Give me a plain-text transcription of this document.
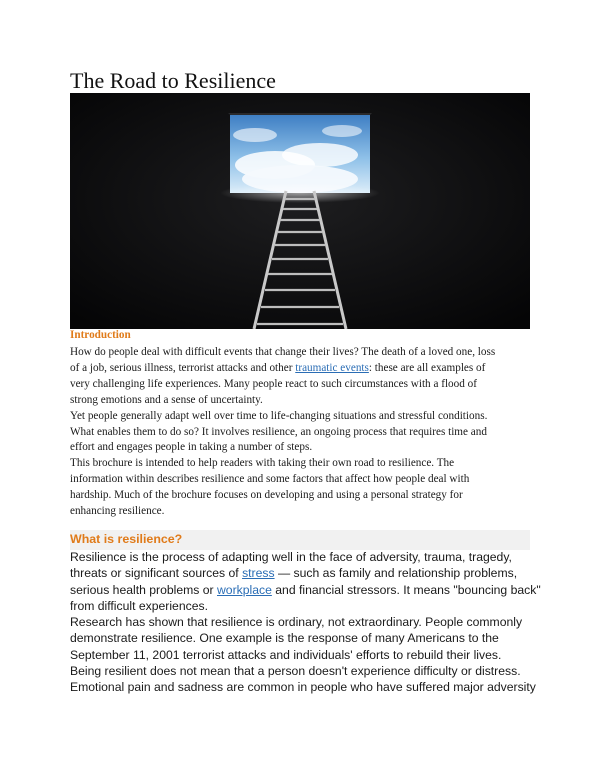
The Road to Resilience
Introduction
How do people deal with difficult events that change their lives? The death of a loved one, loss
of a job, serious illness, terrorist attacks and other traumatic events: these are all examples of
very challenging life experiences. Many people react to such circumstances with a flood of
strong emotions and a sense of uncertainty.
Yet people generally adapt well over time to life-changing situations and stressful conditions.
What enables them to do so? It involves resilience, an ongoing process that requires time and
effort and engages people in taking a number of steps.
This brochure is intended to help readers with taking their own road to resilience. The
information within describes resilience and some factors that affect how people deal with
hardship. Much of the brochure focuses on developing and using a personal strategy for
enhancing resilience.
What is resilience?
Resilience is the process of adapting well in the face of adversity, trauma, tragedy,
threats or significant sources of stress — such as family and relationship problems,
serious health problems or workplace and financial stressors. It means "bouncing back"
from difficult experiences.
Research has shown that resilience is ordinary, not extraordinary. People commonly
demonstrate resilience. One example is the response of many Americans to the
September 11, 2001 terrorist attacks and individuals' efforts to rebuild their lives.
Being resilient does not mean that a person doesn't experience difficulty or distress.
Emotional pain and sadness are common in people who have suffered major adversity
